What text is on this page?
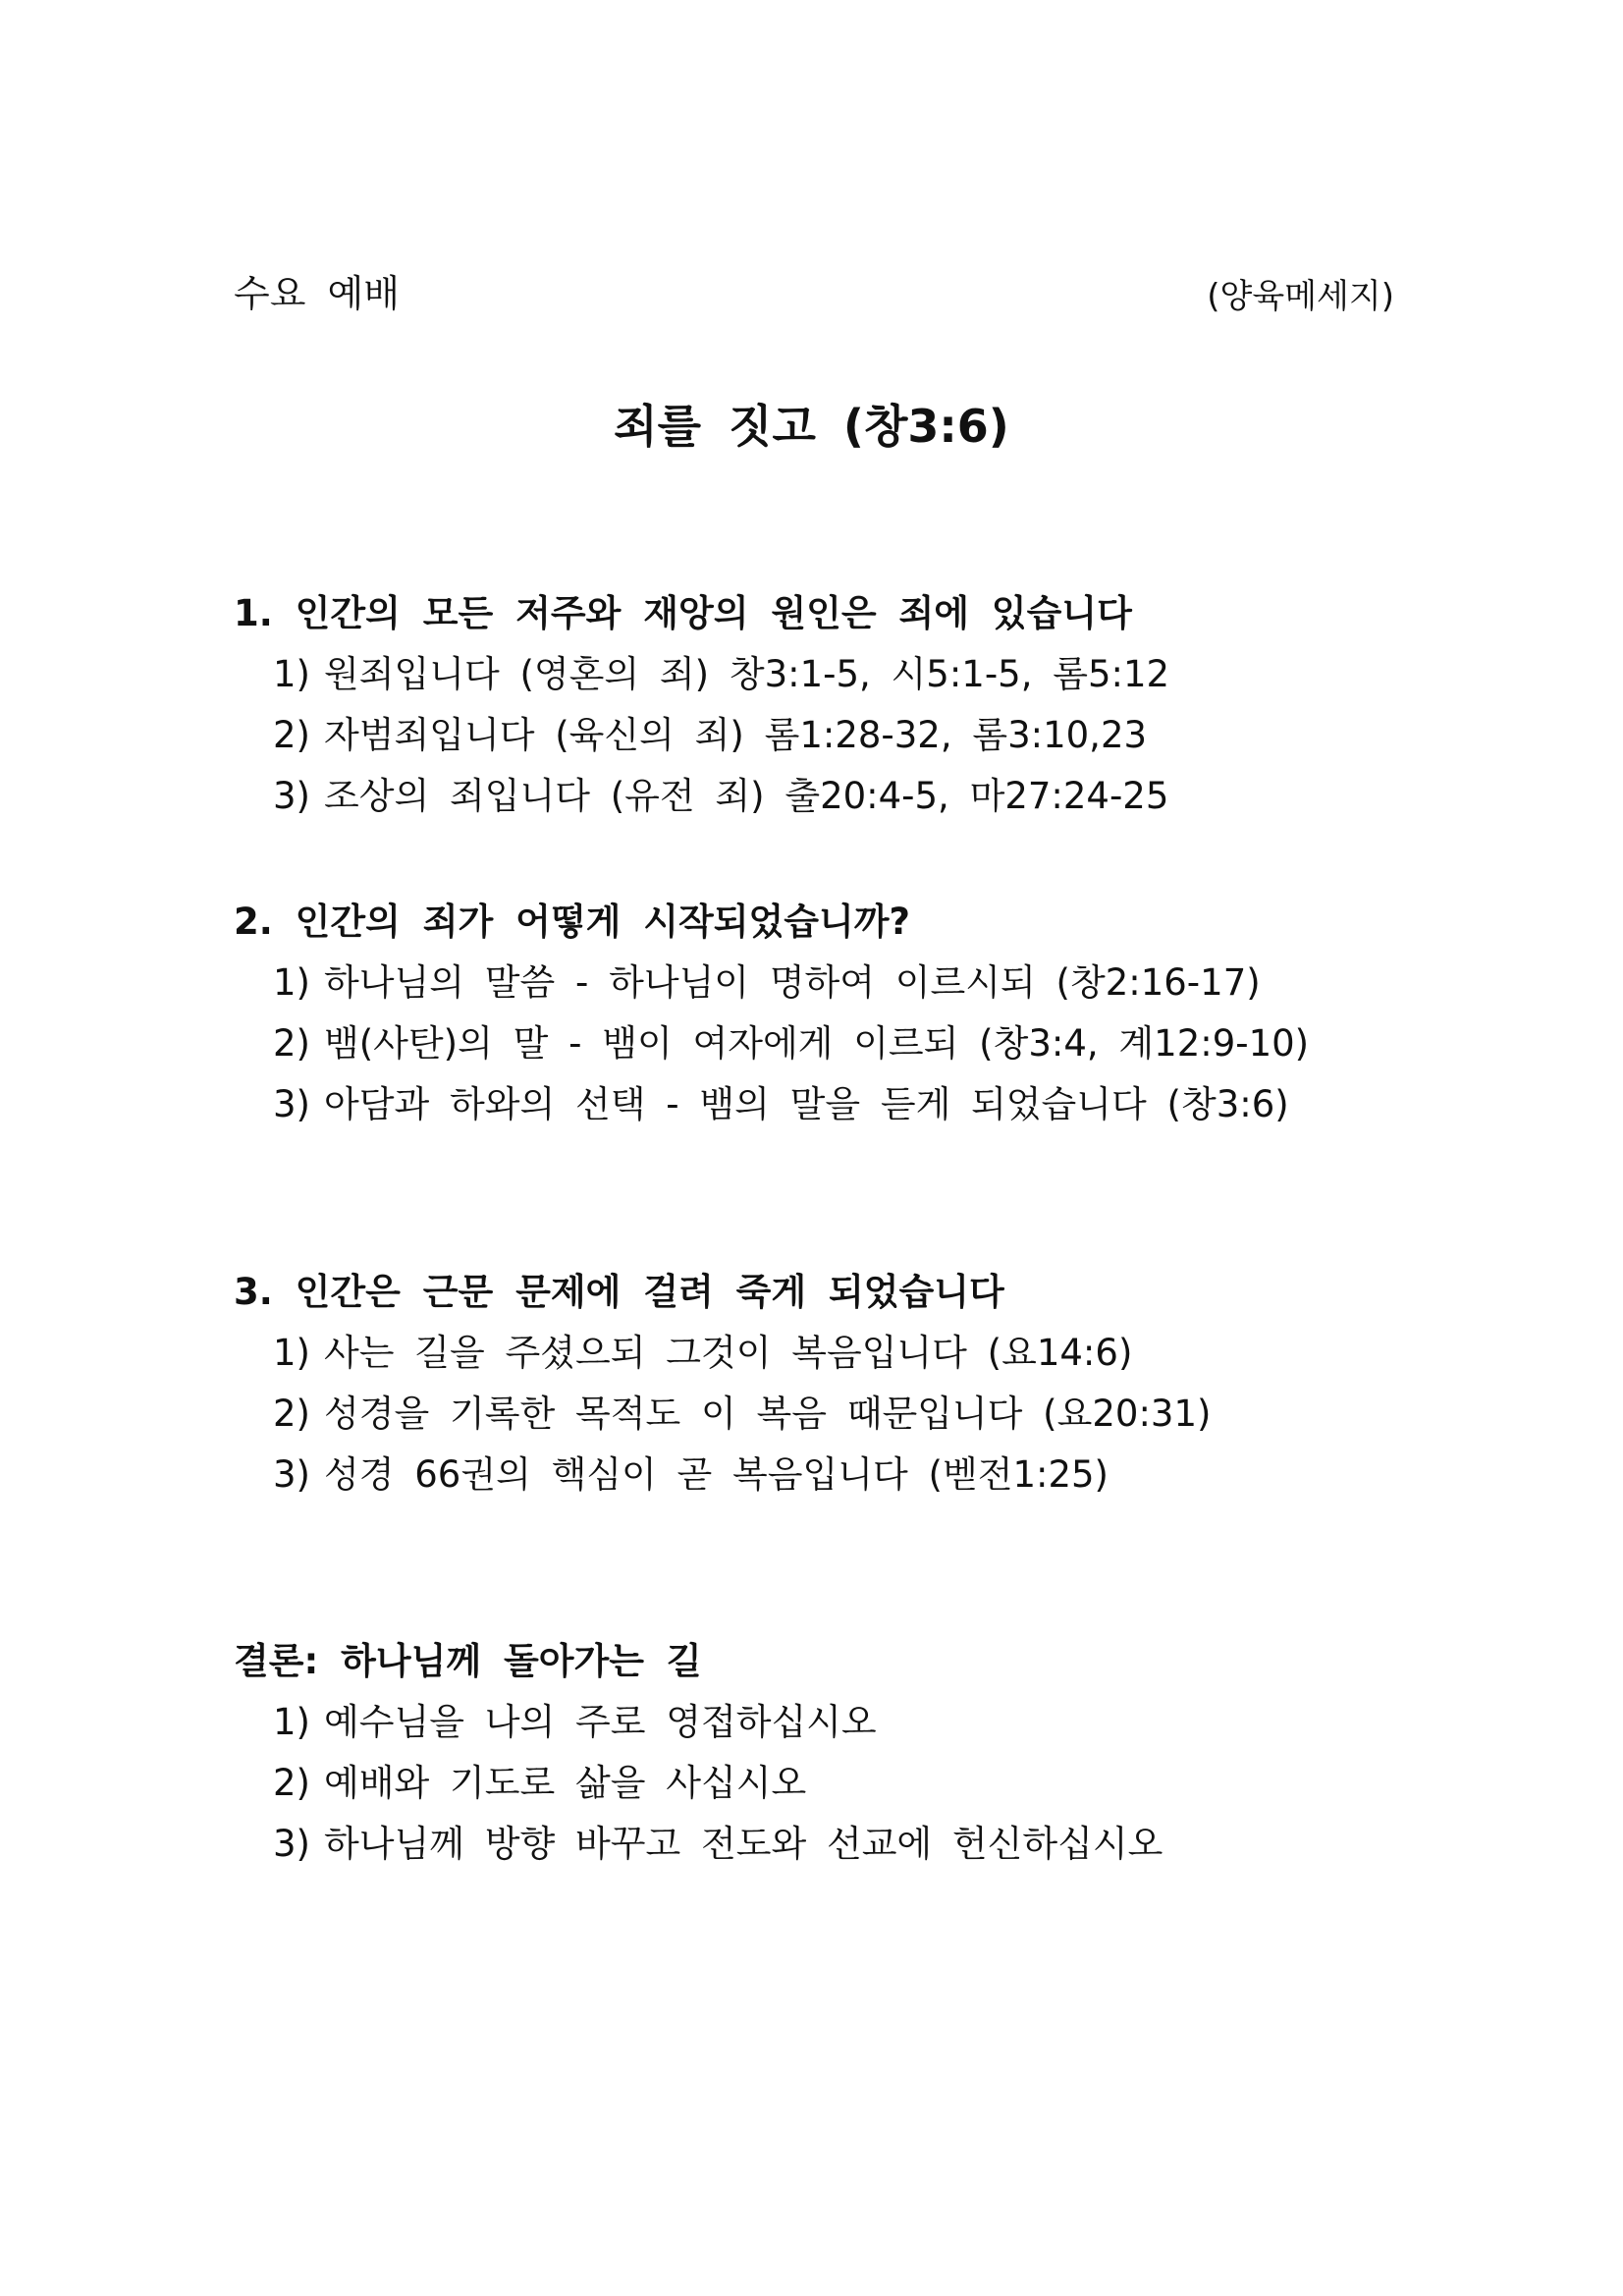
수요 예배	(양육메세지)
죄를 짓고 (창3:6)
1. 인간의 모든 저주와 재앙의 원인은 죄에 있습니다
1) 원죄입니다 (영혼의 죄) 창3:1-5, 시5:1-5, 롬5:12
2) 자범죄입니다 (육신의 죄) 롬1:28-32, 롬3:10,23
3) 조상의 죄입니다 (유전 죄) 출20:4-5, 마27:24-25
2. 인간의 죄가 어떻게 시작되었습니까?
1) 하나님의 말씀 - 하나님이 명하여 이르시되 (창2:16-17)
2) 뱀(사탄)의 말 - 뱀이 여자에게 이르되 (창3:4, 계12:9-10)
3) 아담과 하와의 선택 - 뱀의 말을 듣게 되었습니다 (창3:6)
3. 인간은 근문 문제에 걸려 죽게 되었습니다
1) 사는 길을 주셨으되 그것이 복음입니다 (요14:6)
2) 성경을 기록한 목적도 이 복음 때문입니다 (요20:31)
3) 성경 66권의 핵심이 곧 복음입니다 (벧전1:25)
결론: 하나님께 돌아가는 길
1) 예수님을 나의 주로 영접하십시오
2) 예배와 기도로 삶을 사십시오
3) 하나님께 방향 바꾸고 전도와 선교에 헌신하십시오
